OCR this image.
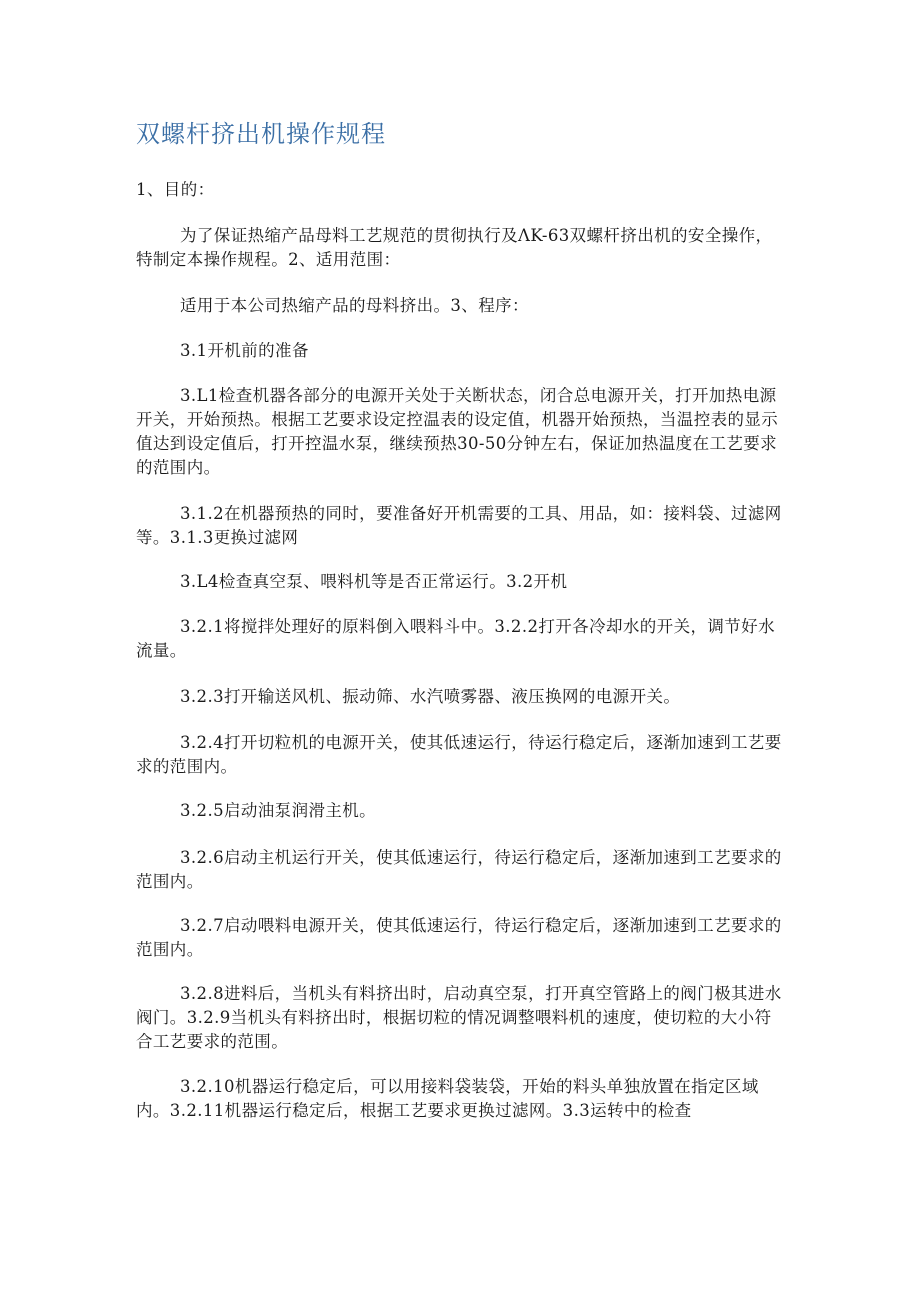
双螺杆挤出机操作规程

1、目的：

为了保证热缩产品母料工艺规范的贯彻执行及ΛK-63双螺杆挤出机的安全操作，特制定本操作规程。2、适用范围：

适用于本公司热缩产品的母料挤出。3、程序：

3.1开机前的准备

3.L1检查机器各部分的电源开关处于关断状态，闭合总电源开关，打开加热电源开关，开始预热。根据工艺要求设定控温表的设定值，机器开始预热，当温控表的显示值达到设定值后，打开控温水泵，继续预热30-50分钟左右，保证加热温度在工艺要求的范围内。

3.1.2在机器预热的同时，要准备好开机需要的工具、用品，如：接料袋、过滤网等。3.1.3更换过滤网

3.L4检查真空泵、喂料机等是否正常运行。3.2开机

3.2.1将搅拌处理好的原料倒入喂料斗中。3.2.2打开各冷却水的开关，调节好水流量。

3.2.3打开输送风机、振动筛、水汽喷雾器、液压换网的电源开关。

3.2.4打开切粒机的电源开关，使其低速运行，待运行稳定后，逐渐加速到工艺要求的范围内。

3.2.5启动油泵润滑主机。

3.2.6启动主机运行开关，使其低速运行，待运行稳定后，逐渐加速到工艺要求的范围内。

3.2.7启动喂料电源开关，使其低速运行，待运行稳定后，逐渐加速到工艺要求的范围内。

3.2.8进料后，当机头有料挤出时，启动真空泵，打开真空管路上的阀门极其进水阀门。3.2.9当机头有料挤出时，根据切粒的情况调整喂料机的速度，使切粒的大小符合工艺要求的范围。

3.2.10机器运行稳定后，可以用接料袋装袋，开始的料头单独放置在指定区域内。3.2.11机器运行稳定后，根据工艺要求更换过滤网。3.3运转中的检查
